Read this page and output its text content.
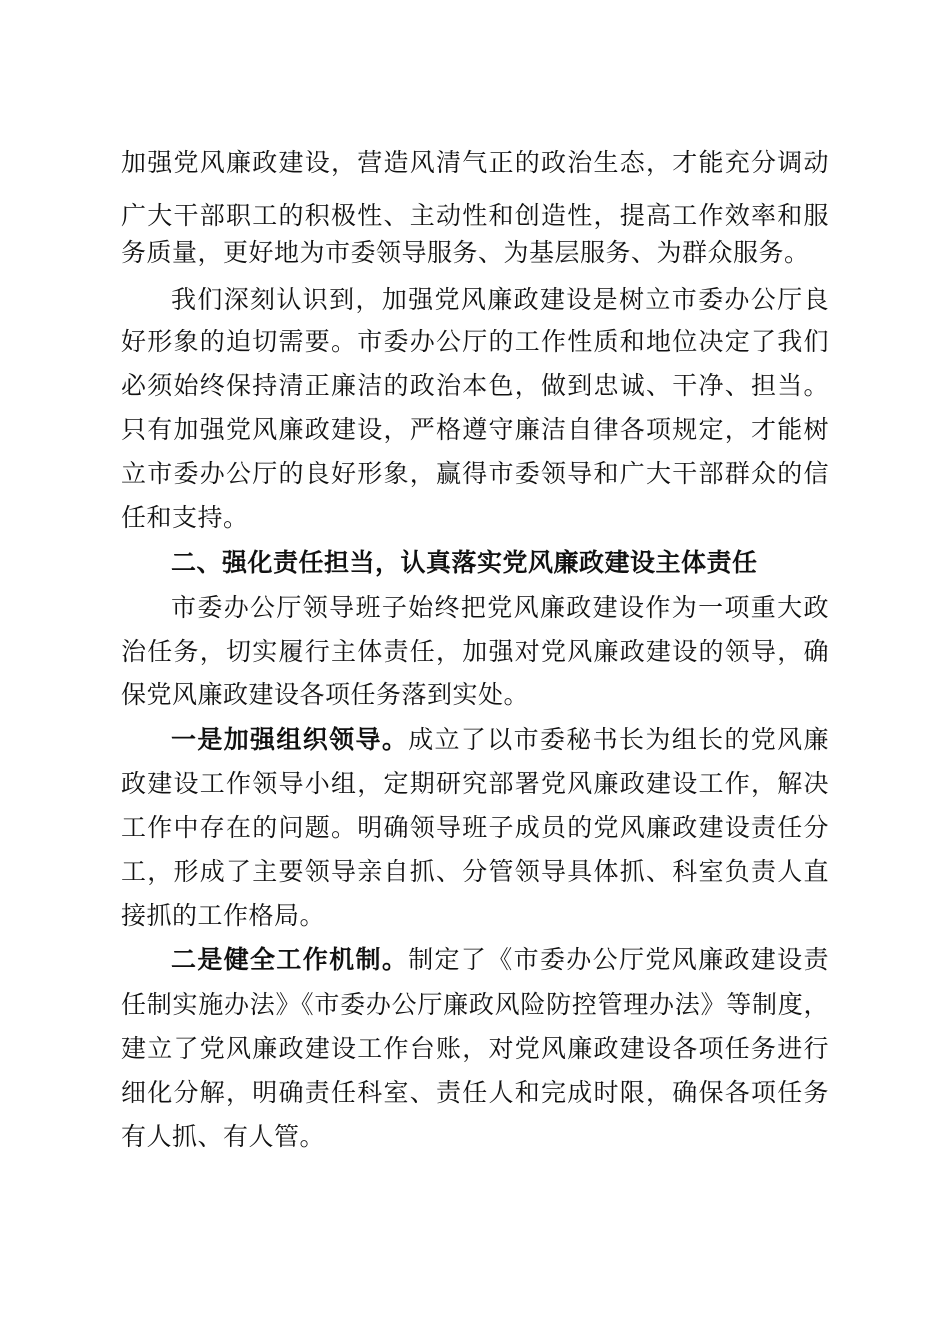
加强党风廉政建设，营造风清气正的政治生态，才能充分调动
广大干部职工的积极性、主动性和创造性，提高工作效率和服
务质量，更好地为市委领导服务、为基层服务、为群众服务。
我们深刻认识到，加强党风廉政建设是树立市委办公厅良
好形象的迫切需要。市委办公厅的工作性质和地位决定了我们
必须始终保持清正廉洁的政治本色，做到忠诚、干净、担当。
只有加强党风廉政建设，严格遵守廉洁自律各项规定，才能树
立市委办公厅的良好形象，赢得市委领导和广大干部群众的信
任和支持。
二、强化责任担当，认真落实党风廉政建设主体责任
市委办公厅领导班子始终把党风廉政建设作为一项重大政
治任务，切实履行主体责任，加强对党风廉政建设的领导，确
保党风廉政建设各项任务落到实处。
一是加强组织领导。成立了以市委秘书长为组长的党风廉
政建设工作领导小组，定期研究部署党风廉政建设工作，解决
工作中存在的问题。明确领导班子成员的党风廉政建设责任分
工，形成了主要领导亲自抓、分管领导具体抓、科室负责人直
接抓的工作格局。
二是健全工作机制。制定了《市委办公厅党风廉政建设责
任制实施办法》《市委办公厅廉政风险防控管理办法》等制度，
建立了党风廉政建设工作台账，对党风廉政建设各项任务进行
细化分解，明确责任科室、责任人和完成时限，确保各项任务
有人抓、有人管。
